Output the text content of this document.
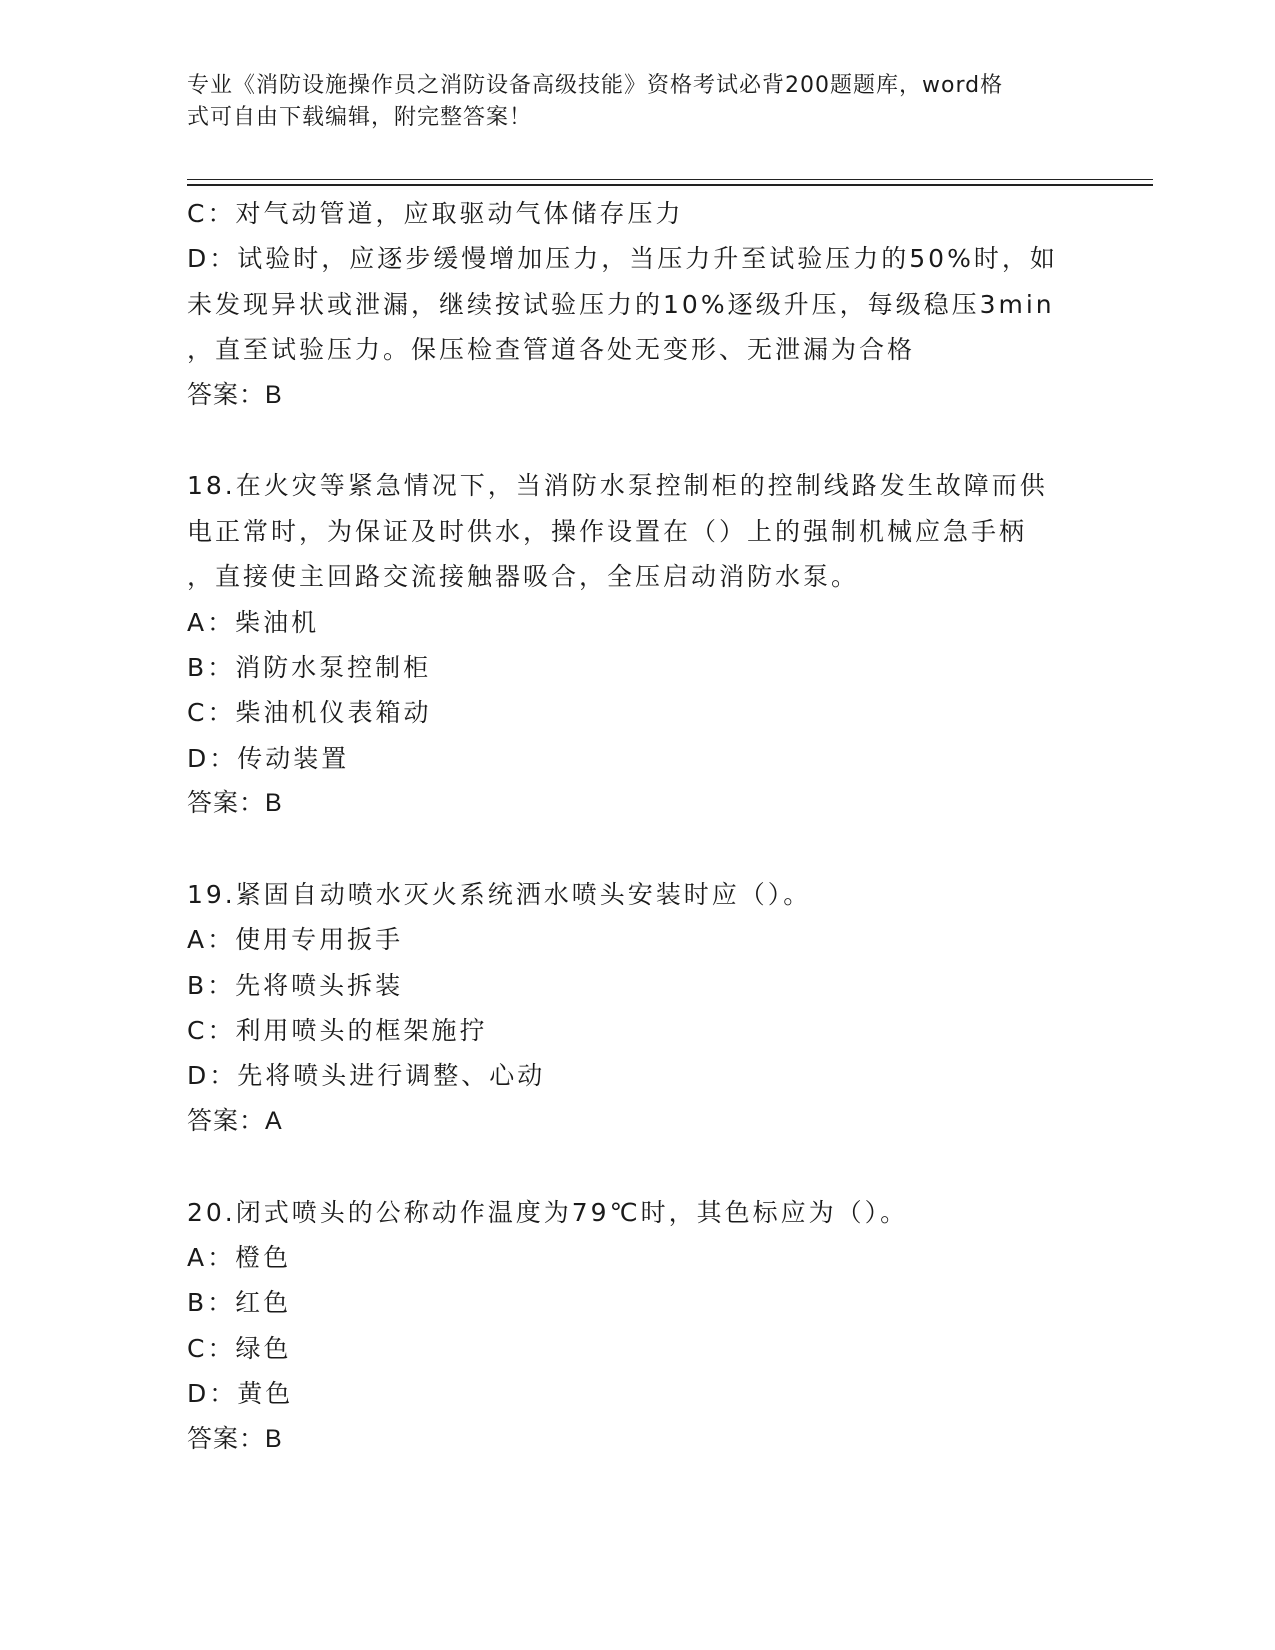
专业《消防设施操作员之消防设备高级技能》资格考试必背200题题库，word格
式可自由下载编辑，附完整答案！
C：对气动管道，应取驱动气体储存压力
D：试验时，应逐步缓慢增加压力，当压力升至试验压力的50%时，如
未发现异状或泄漏，继续按试验压力的10%逐级升压，每级稳压3min
，直至试验压力。保压检查管道各处无变形、无泄漏为合格
答案：B
18.在火灾等紧急情况下，当消防水泵控制柜的控制线路发生故障而供
电正常时，为保证及时供水，操作设置在（）上的强制机械应急手柄
，直接使主回路交流接触器吸合，全压启动消防水泵。
A：柴油机
B：消防水泵控制柜
C：柴油机仪表箱动
D：传动装置
答案：B
19.紧固自动喷水灭火系统洒水喷头安装时应（）。
A：使用专用扳手
B：先将喷头拆装
C：利用喷头的框架施拧
D：先将喷头进行调整、心动
答案：A
20.闭式喷头的公称动作温度为79℃时，其色标应为（）。
A：橙色
B：红色
C：绿色
D：黄色
答案：B
